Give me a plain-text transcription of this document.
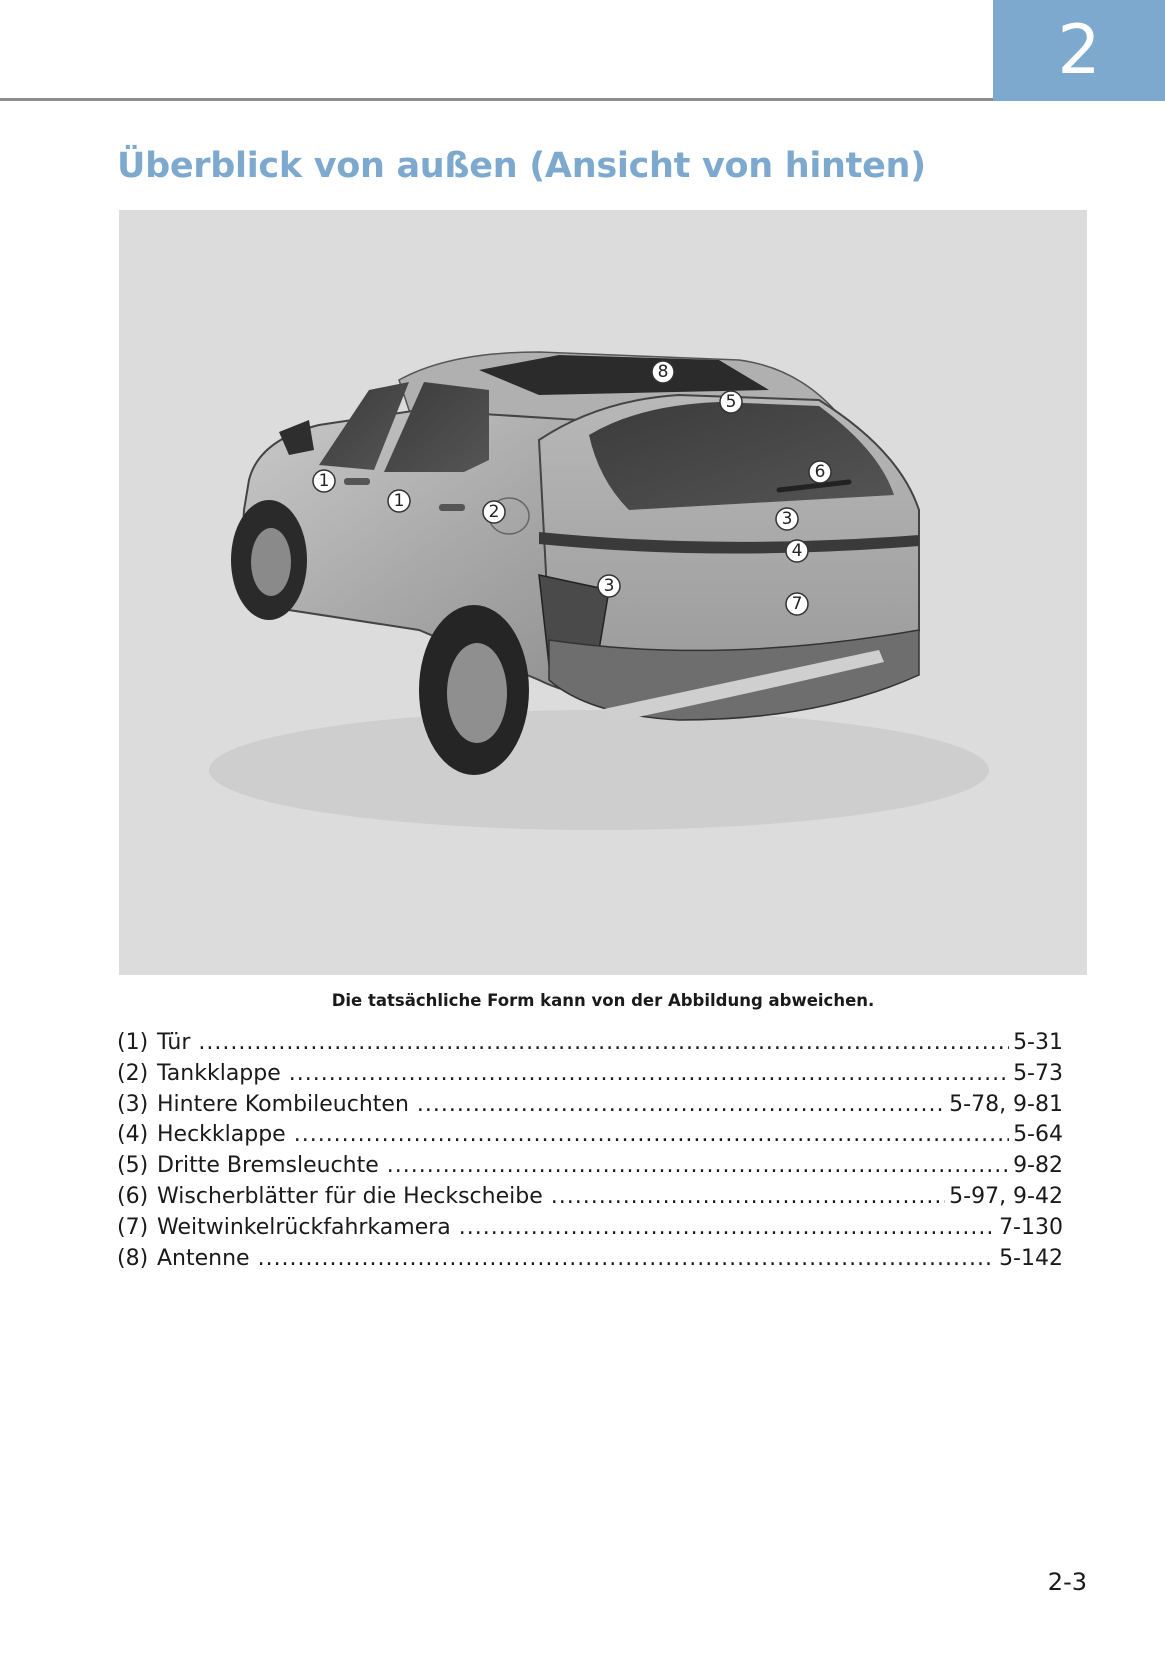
2
Überblick von außen (Ansicht von hinten)
1
1
2
3
3
4
5
6
7
8
Die tatsächliche Form kann von der Abbildung abweichen.
(1) Tür .....	5-31
(2) Tankklappe .....	5-73
(3) Hintere Kombileuchten .....	5-78, 9-81
(4) Heckklappe .....	5-64
(5) Dritte Bremsleuchte .....	9-82
(6) Wischerblätter für die Heckscheibe .....	5-97, 9-42
(7) Weitwinkelrückfahrkamera .....	7-130
(8) Antenne .....	5-142
2-3
